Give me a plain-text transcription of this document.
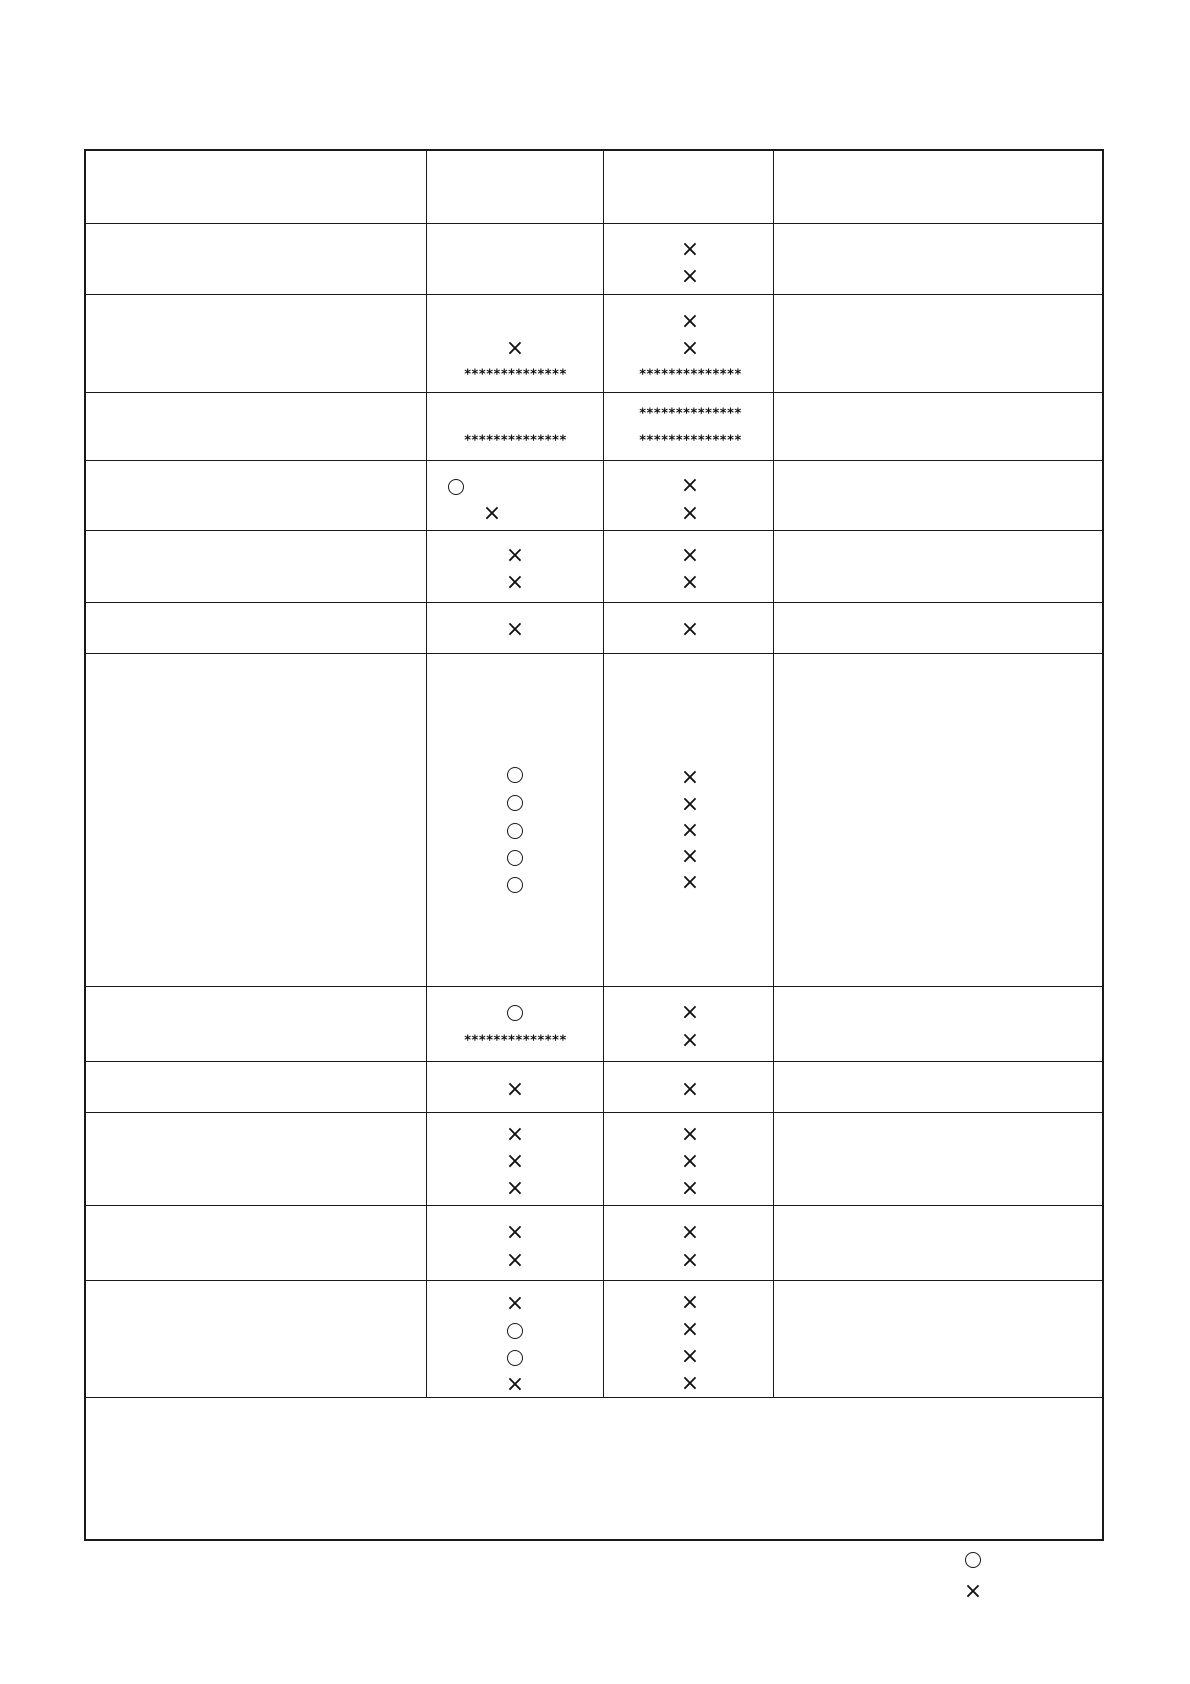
×
×
×
**************
×
×
**************
**************
**************
**************
×
×
×
×
×
×
×
×	×
×
×
×
×
×
**************
×
×
×	×
×
×
×
×
×
×
×
×
×
×
×
×
×
×
×
×
×
